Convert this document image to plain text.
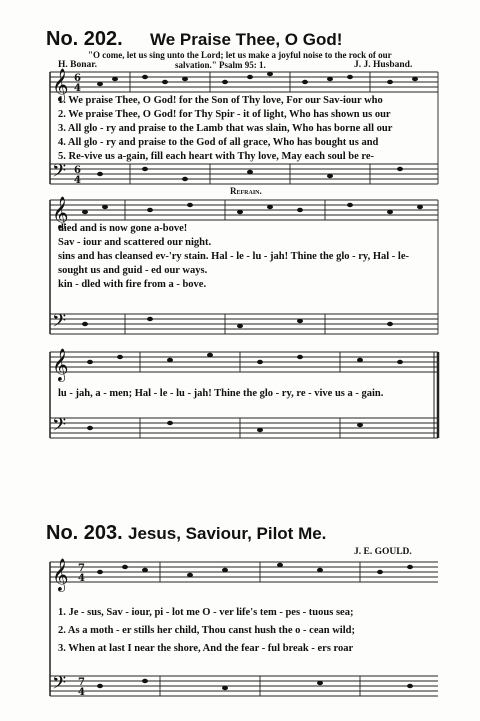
No. 202. We Praise Thee, O God!
"O come, let us sing unto the Lord; let us make a joyful noise to the rock of our
salvation." Psalm 95: 1.
H. Bonar.	J. J. Husband.
𝄞
𝄢
𝄞
𝄢
𝄞
𝄢
𝄞
𝄢
6
4
6
4
7
4
7
4
1. We praise Thee, O God! for the Son of Thy love, For our Sav-iour who
2. We praise Thee, O God! for Thy Spir - it of light, Who has shown us our
3. All glo - ry and praise to the Lamb that was slain, Who has borne all our
4. All glo - ry and praise to the God of all grace, Who has bought us and
5. Re-vive us a-gain, fill each heart with Thy love, May each soul be re-
Refrain.
died and is now gone a-bove!
Sav - iour and scattered our night.
sins and has cleansed ev-'ry stain. Hal - le - lu - jah! Thine the glo - ry, Hal - le-
sought us and guid - ed our ways.
kin - dled with fire from a - bove.
lu - jah, a - men; Hal - le - lu - jah! Thine the glo - ry, re - vive us a - gain.
No. 203. Jesus, Saviour, Pilot Me.
J. E. GOULD.
1. Je - sus, Sav - iour, pi - lot me O - ver life's tem - pes - tuous sea;
2. As a moth - er stills her child, Thou canst hush the o - cean wild;
3. When at last I near the shore, And the fear - ful break - ers roar
